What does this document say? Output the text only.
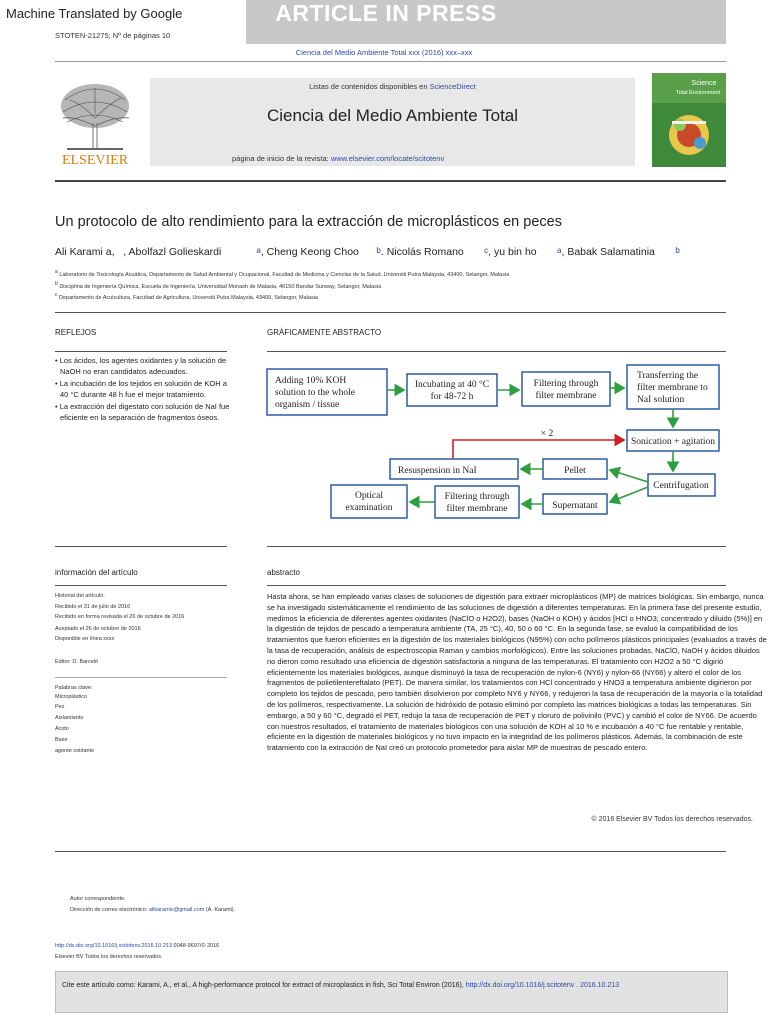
Machine Translated by Google	ARTICLE IN PRESS
STOTEN-21275; Nº de páginas 10
Ciencia del Medio Ambiente Total xxx (2016) xxx–xxx
ELSEVIER
Listas de contenidos disponibles en ScienceDirect
Ciencia del Medio Ambiente Total
página de inicio de la revista: www.elsevier.com/locate/scitotenv
Science
Total Environment
Un protocolo de alto rendimiento para la extracción de microplásticos en peces
Ali Karami a, , Abolfazl Golieskardi	$^a$, Cheng Keong Choo $^b$. Nicolás Romano	$^c$, yu bin ho	$^a$, Babak Salamatinia	$^b$
$^a$ Laboratorio de Toxicología Acuática, Departamento de Salud Ambiental y Ocupacional, Facultad de Medicina y Ciencias de la Salud, Universiti Putra Malaysia, 43400, Selangor, Malasia
$^b$ Disciplina de Ingeniería Química, Escuela de Ingeniería, Universidad Monash de Malasia, 46150 Bandar Sunway, Selangor, Malasia
$^c$ Departamento de Acuicultura, Facultad de Agricultura, Universiti Putra Malaysia, 43400, Selangor, Malasia
REFLEJOS	GRÁFICAMENTE ABSTRACTO
• Los ácidos, los agentes oxidantes y la solución de NaOH no eran candidatos adecuados.
• La incubación de los tejidos en solución de KOH a 40 °C durante 48 h fue el mejor tratamiento.
• La extracción del digestato con solución de NaI fue eficiente en la separación de fragmentos óseos.
Adding 10% KOH
solution to the whole
organism / tissue
Incubating at 40 °C
for 48-72 h
Filtering through
filter membrane
Transferring the
filter membrane to
NaI solution
Sonication + agitation
Centrifugation
Pellet
Supernatant
Resuspension in NaI
Filtering through
filter membrane
Optical
examination
× 2
información del artículo	abstracto
Historial del artículo:
Recibido el 31 de julio de 2016
Recibido en forma revisada el 26 de octubre de 2016
Aceptado el 26 de octubre de 2016
Disponible en línea xxxx
Editor: D. Barceló
Palabras clave:
Microplástico
Pez
Aislamiento
Ácido
Base
agente oxidante
Hasta ahora, se han empleado varias clases de soluciones de digestión para extraer microplásticos (MP) de matrices biológicas. Sin embargo, nunca se ha investigado sistemáticamente el rendimiento de las soluciones de digestión a diferentes temperaturas. En la primera fase del presente estudio, medimos la eficiencia de diferentes agentes oxidantes (NaClO o H2O2), bases (NaOH o KOH) y ácidos [HCl o HNO3; concentrado y diluido (5%)] en la digestión de tejidos de pescado a temperatura ambiente (TA, 25 °C), 40, 50 o 60 °C. En la segunda fase, se evaluó la compatibilidad de los tratamientos que fueron eficientes en la digestión de los materiales biológicos (N95%) con ocho polímeros plásticos principales (evaluados a través de la tasa de recuperación, análisis de espectroscopia Raman y cambios morfológicos). Entre las soluciones probadas, NaClO, NaOH y ácidos diluidos no dieron como resultado una eficiencia de digestión satisfactoria a ninguna de las temperaturas. El tratamiento con H2O2 a 50 °C digirió eficientemente los materiales biológicos, aunque disminuyó la tasa de recuperación de nylon-6 (NY6) y nylon-66 (NY66) y alteró el color de los fragmentos de polietilentereftalato (PET). De manera similar, los tratamientos con HCl concentrado y HNO3 a temperatura ambiente digirieron por completo los tejidos de pescado, pero también disolvieron por completo NY6 y NY66, y redujeron la tasa de recuperación de la mayoría o la totalidad de los polímeros, respectivamente. La solución de hidróxido de potasio eliminó por completo las matrices biológicas a todas las temperaturas. Sin embargo, a 50 y 60 °C, degradó el PET, redujo la tasa de recuperación de PET y cloruro de polivinilo (PVC) y cambió el color de NY66. De acuerdo con nuestros resultados, el tratamiento de materiales biológicos con una solución de KOH al 10 % e incubación a 40 °C fue rentable y rentable, eficiente en la digestión de materiales biológicos y no tuvo impacto en la integridad de los polímeros plásticos. Además, la combinación de este tratamiento con la extracción de NaI creó un protocolo prometedor para aislar MP de muestras de pescado entero.
© 2016 Elsevier BV Todos los derechos reservados.
Autor correspondiente.
Dirección de correo electrónico: alikaramiv@gmail.com (A. Karami).
http://dx.doi.org/10.1016/j.scitotenv.2016.10.213 0048-9697/© 2016
Elsevier BV Todos los derechos reservados.
Cite este artículo como: Karami, A., et al., A high-performance protocol for extract of microplastics in fish, Sci Total Environ (2016), http://dx.doi.org/10.1016/j.scitotenv . 2016.10.213
